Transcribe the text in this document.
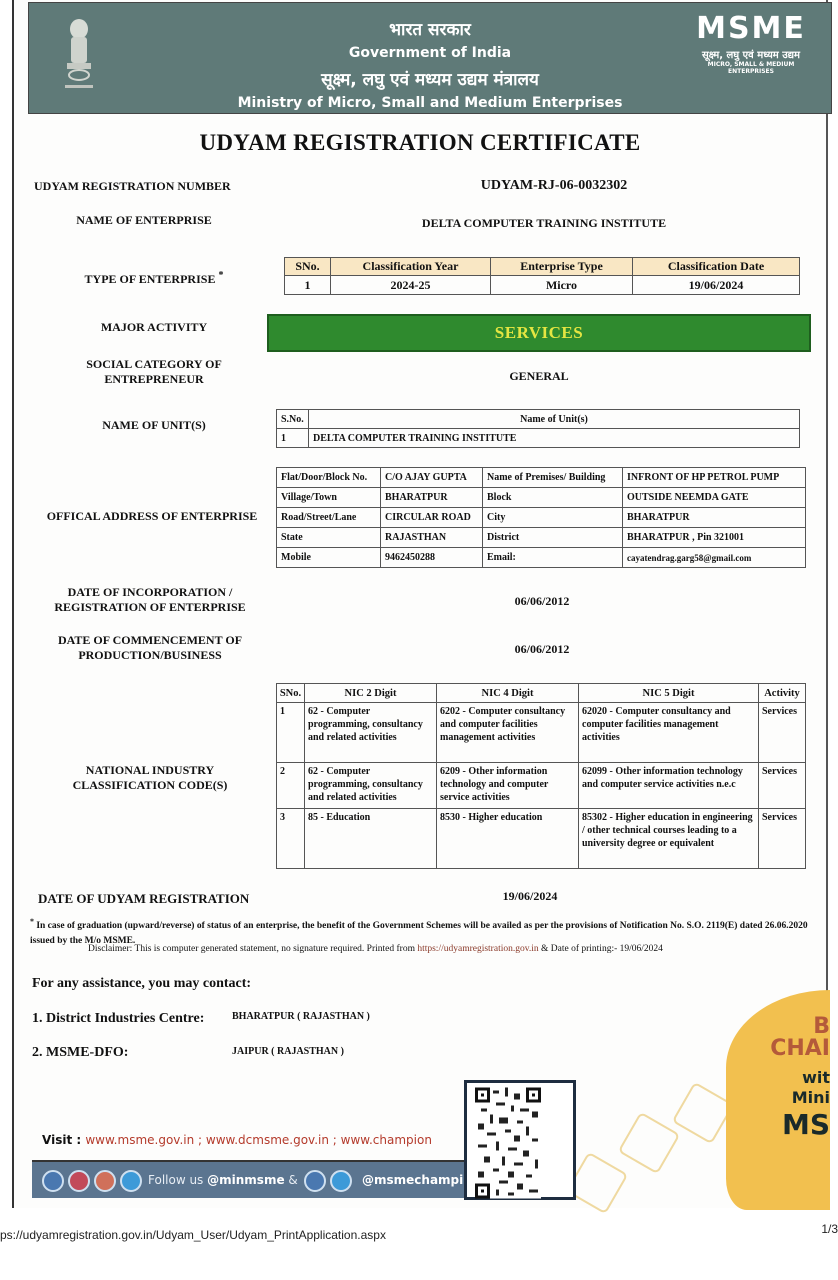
भारत सरकार
Government of India
सूक्ष्म, लघु एवं मध्यम उद्यम मंत्रालय
Ministry of Micro, Small and Medium Enterprises
MSME
सूक्ष्म, लघु एवं मध्यम उद्यम
MICRO, SMALL & MEDIUM ENTERPRISES
UDYAM REGISTRATION CERTIFICATE
UDYAM REGISTRATION NUMBER	UDYAM-RJ-06-0032302
NAME OF ENTERPRISE	DELTA COMPUTER TRAINING INSTITUTE
TYPE OF ENTERPRISE *
SNo.	Classification Year	Enterprise Type	Classification Date
1	2024-25	Micro	19/06/2024
MAJOR ACTIVITY	SERVICES
SOCIAL CATEGORY OF
ENTREPRENEUR	GENERAL
NAME OF UNIT(S)	S.No.	Name of Unit(s)
1	DELTA COMPUTER TRAINING INSTITUTE
OFFICAL ADDRESS OF ENTERPRISE
Flat/Door/Block No.	C/O AJAY GUPTA	Name of Premises/ Building	INFRONT OF HP PETROL PUMP
Village/Town	BHARATPUR	Block	OUTSIDE NEEMDA GATE
Road/Street/Lane	CIRCULAR ROAD	City	BHARATPUR
State	RAJASTHAN	District	BHARATPUR , Pin 321001
Mobile	9462450288	Email:	cayatendrag.garg58@gmail.com
DATE OF INCORPORATION /
REGISTRATION OF ENTERPRISE	06/06/2012
DATE OF COMMENCEMENT OF
PRODUCTION/BUSINESS	06/06/2012
NATIONAL INDUSTRY
CLASSIFICATION CODE(S)
SNo.	NIC 2 Digit	NIC 4 Digit	NIC 5 Digit	Activity
1	62 - Computer programming, consultancy and related activities	6202 - Computer consultancy and computer facilities management activities	62020 - Computer consultancy and computer facilities management activities	Services
2	62 - Computer programming, consultancy and related activities	6209 - Other information technology and computer service activities	62099 - Other information technology and computer service activities n.e.c	Services
3	85 - Education	8530 - Higher education	85302 - Higher education in engineering / other technical courses leading to a university degree or equivalent	Services
DATE OF UDYAM REGISTRATION	19/06/2024
* In case of graduation (upward/reverse) of status of an enterprise, the benefit of the Government Schemes will be availed as per the provisions of Notification No. S.O. 2119(E) dated 26.06.2020 issued by the M/o MSME.
Disclaimer: This is computer generated statement, no signature required. Printed from https://udyamregistration.gov.in & Date of printing:- 19/06/2024
For any assistance, you may contact:
1. District Industries Centre:	BHARATPUR ( RAJASTHAN )
2. MSME-DFO:	JAIPUR ( RAJASTHAN )
B
CHAI
wit
Mini
MS
Visit : www.msme.gov.in ; www.dcmsme.gov.in ; www.champion
Follow us @minmsme &	@msmechampi
ps://udyamregistration.gov.in/Udyam_User/Udyam_PrintApplication.aspx	1/3
